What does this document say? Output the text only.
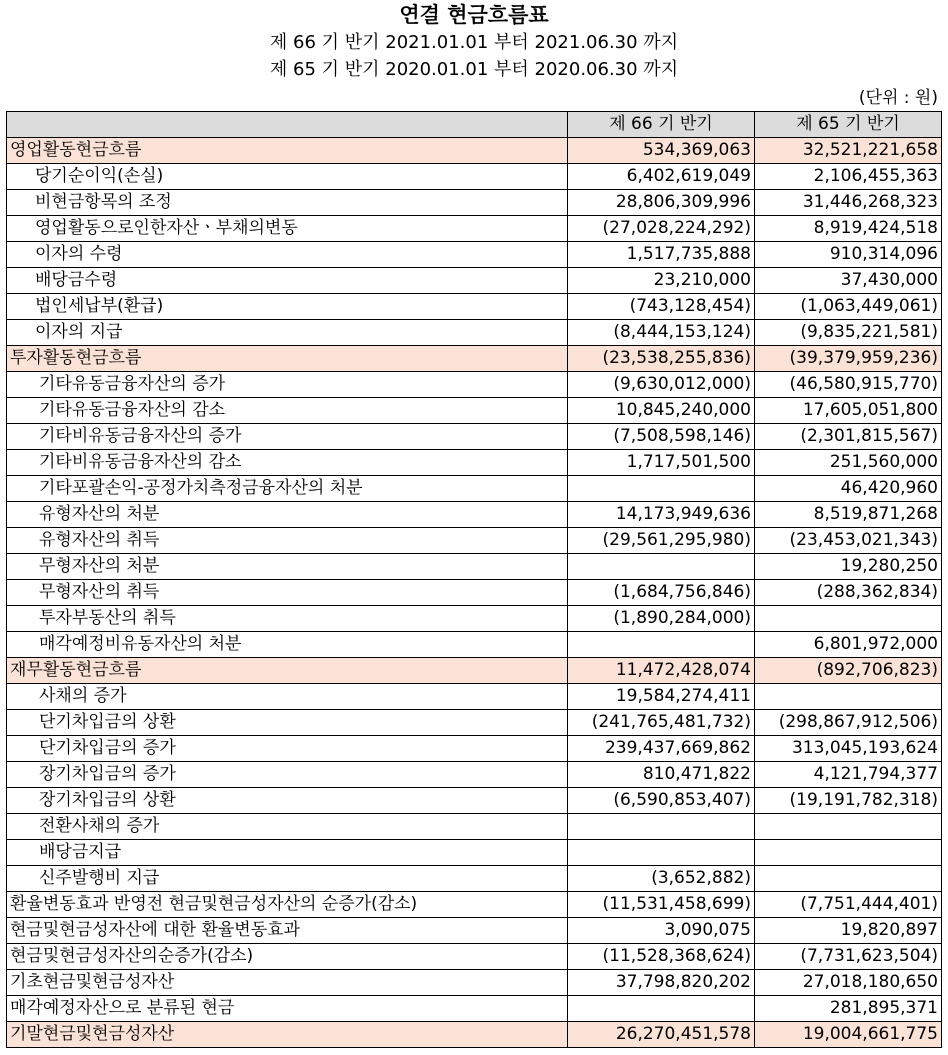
연결 현금흐름표
제 66 기 반기 2021.01.01 부터 2021.06.30 까지
제 65 기 반기 2020.01.01 부터 2020.06.30 까지
(단위 : 원)
	제 66 기 반기	제 65 기 반기
영업활동현금흐름	534,369,063	32,521,221,658
당기순이익(손실)	6,402,619,049	2,106,455,363
비현금항목의 조정	28,806,309,996	31,446,268,323
영업활동으로인한자산ㆍ부채의변동	(27,028,224,292)	8,919,424,518
이자의 수령	1,517,735,888	910,314,096
배당금수령	23,210,000	37,430,000
법인세납부(환급)	(743,128,454)	(1,063,449,061)
이자의 지급	(8,444,153,124)	(9,835,221,581)
투자활동현금흐름	(23,538,255,836)	(39,379,959,236)
기타유동금융자산의 증가	(9,630,012,000)	(46,580,915,770)
기타유동금융자산의 감소	10,845,240,000	17,605,051,800
기타비유동금융자산의 증가	(7,508,598,146)	(2,301,815,567)
기타비유동금융자산의 감소	1,717,501,500	251,560,000
기타포괄손익-공정가치측정금융자산의 처분		46,420,960
유형자산의 처분	14,173,949,636	8,519,871,268
유형자산의 취득	(29,561,295,980)	(23,453,021,343)
무형자산의 처분		19,280,250
무형자산의 취득	(1,684,756,846)	(288,362,834)
투자부동산의 취득	(1,890,284,000)	
매각예정비유동자산의 처분		6,801,972,000
재무활동현금흐름	11,472,428,074	(892,706,823)
사채의 증가	19,584,274,411	
단기차입금의 상환	(241,765,481,732)	(298,867,912,506)
단기차입금의 증가	239,437,669,862	313,045,193,624
장기차입금의 증가	810,471,822	4,121,794,377
장기차입금의 상환	(6,590,853,407)	(19,191,782,318)
전환사채의 증가		
배당금지급		
신주발행비 지급	(3,652,882)	
환율변동효과 반영전 현금및현금성자산의 순증가(감소)	(11,531,458,699)	(7,751,444,401)
현금및현금성자산에 대한 환율변동효과	3,090,075	19,820,897
현금및현금성자산의순증가(감소)	(11,528,368,624)	(7,731,623,504)
기초현금및현금성자산	37,798,820,202	27,018,180,650
매각예정자산으로 분류된 현금		281,895,371
기말현금및현금성자산	26,270,451,578	19,004,661,775
